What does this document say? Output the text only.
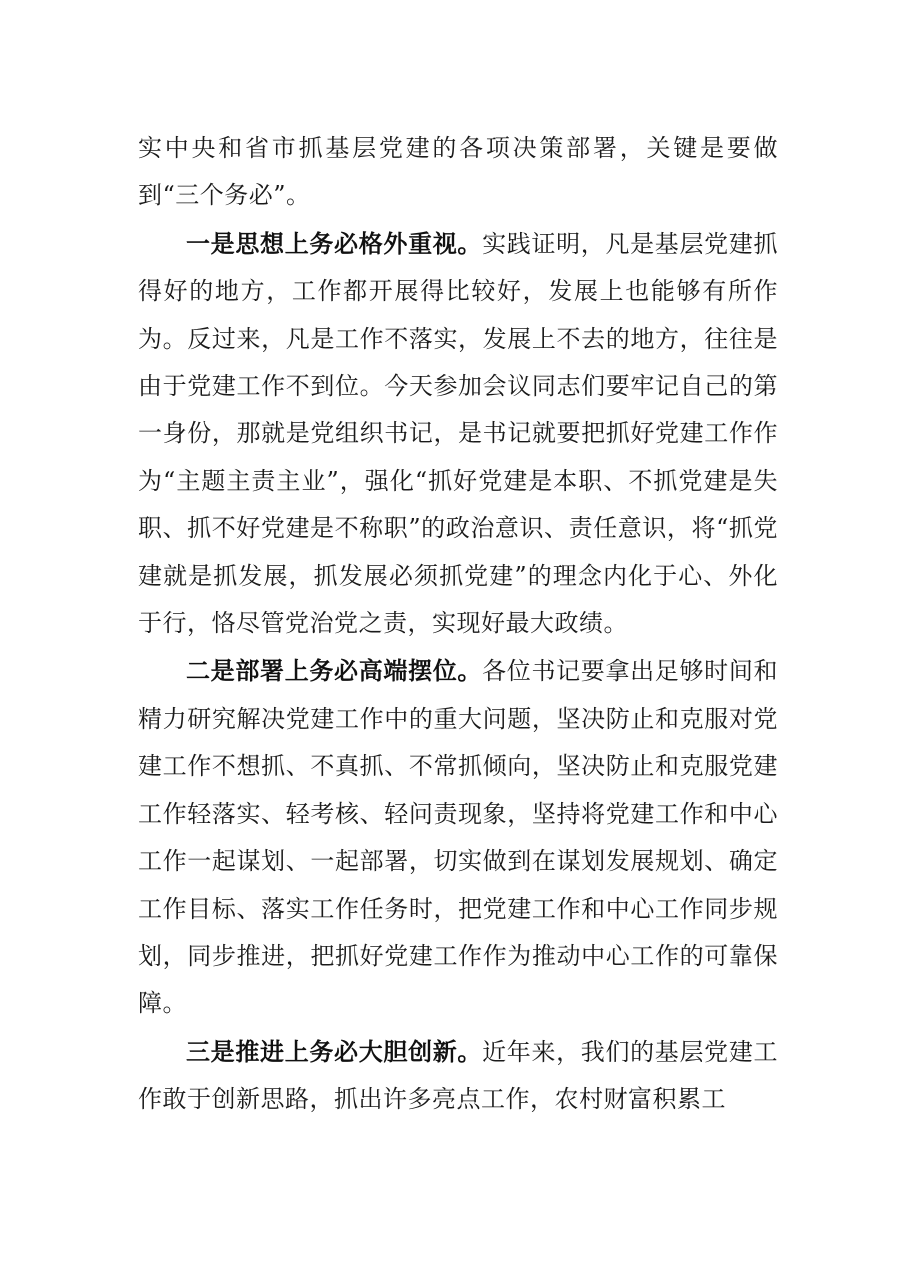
实中央和省市抓基层党建的各项决策部署，关键是要做到“三个务必”。

一是思想上务必格外重视。实践证明，凡是基层党建抓得好的地方，工作都开展得比较好，发展上也能够有所作为。反过来，凡是工作不落实，发展上不去的地方，往往是由于党建工作不到位。今天参加会议同志们要牢记自己的第一身份，那就是党组织书记，是书记就要把抓好党建工作作为“主题主责主业”，强化“抓好党建是本职、不抓党建是失职、抓不好党建是不称职”的政治意识、责任意识，将“抓党建就是抓发展，抓发展必须抓党建”的理念内化于心、外化于行，恪尽管党治党之责，实现好最大政绩。

二是部署上务必高端摆位。各位书记要拿出足够时间和精力研究解决党建工作中的重大问题，坚决防止和克服对党建工作不想抓、不真抓、不常抓倾向，坚决防止和克服党建工作轻落实、轻考核、轻问责现象，坚持将党建工作和中心工作一起谋划、一起部署，切实做到在谋划发展规划、确定工作目标、落实工作任务时，把党建工作和中心工作同步规划，同步推进，把抓好党建工作作为推动中心工作的可靠保障。

三是推进上务必大胆创新。近年来，我们的基层党建工作敢于创新思路，抓出许多亮点工作，农村财富积累工
